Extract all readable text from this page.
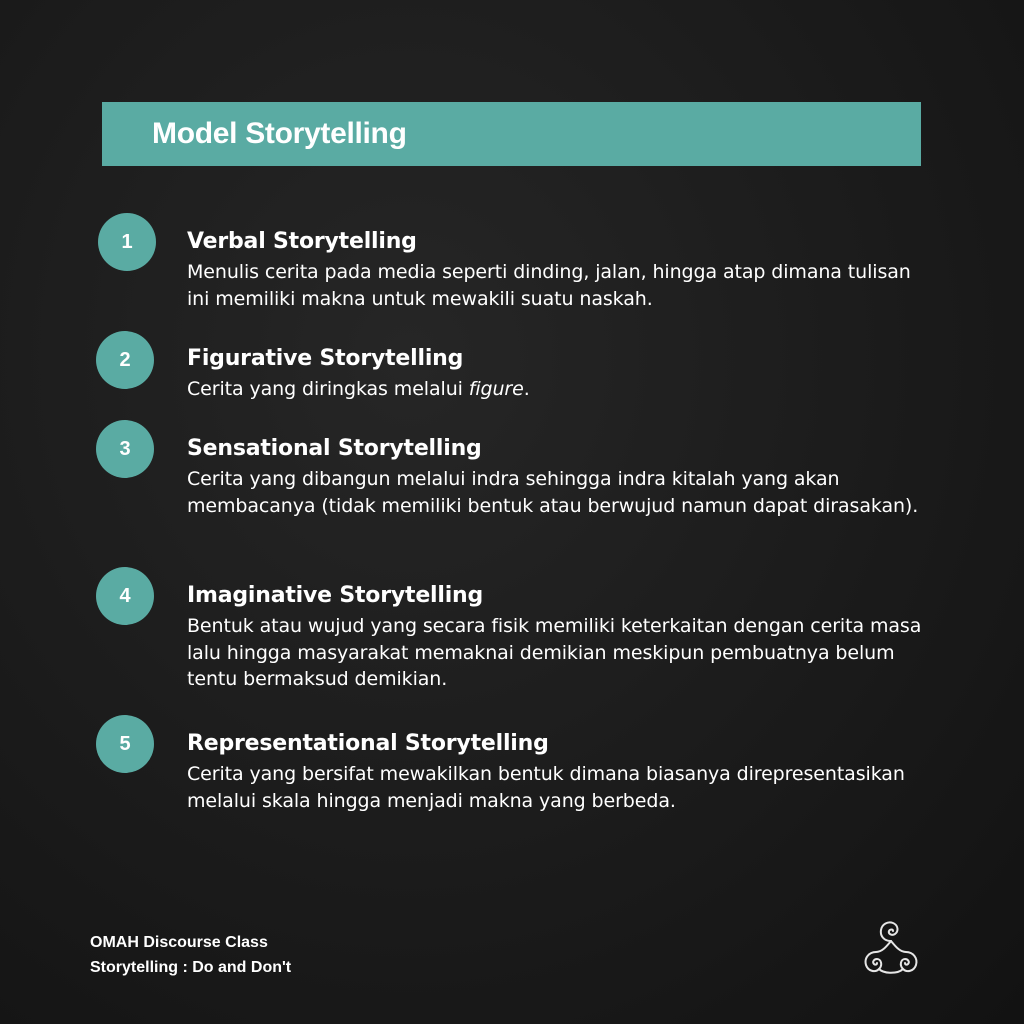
Model Storytelling
1	Verbal Storytelling
Menulis cerita pada media seperti dinding, jalan, hingga atap dimana tulisan ini memiliki makna untuk mewakili suatu naskah.
2	Figurative Storytelling
Cerita yang diringkas melalui figure.
3	Sensational Storytelling
Cerita yang dibangun melalui indra sehingga indra kitalah yang akan membacanya (tidak memiliki bentuk atau berwujud namun dapat dirasakan).
4	Imaginative Storytelling
Bentuk atau wujud yang secara fisik memiliki keterkaitan dengan cerita masa lalu hingga masyarakat memaknai demikian meskipun pembuatnya belum tentu bermaksud demikian.
5	Representational Storytelling
Cerita yang bersifat mewakilkan bentuk dimana biasanya direpresentasikan melalui skala hingga menjadi makna yang berbeda.
OMAH Discourse Class
Storytelling : Do and Don't
